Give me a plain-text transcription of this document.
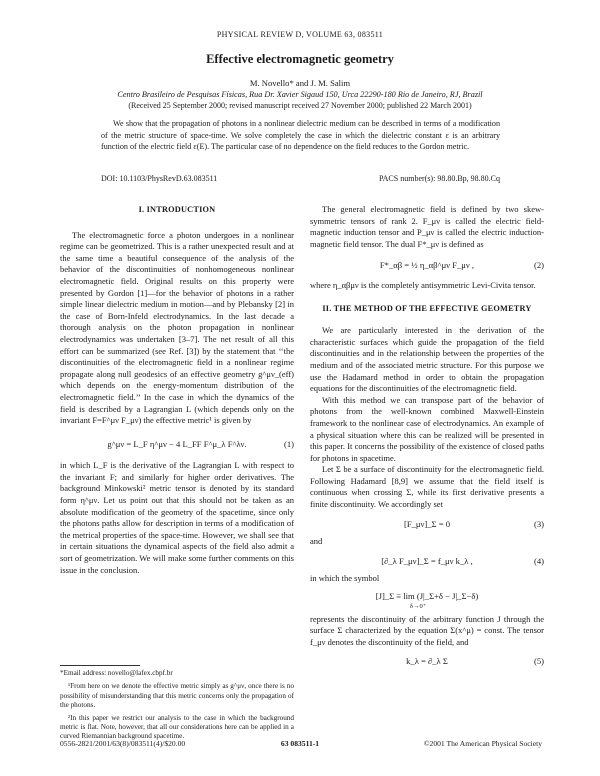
PHYSICAL REVIEW D, VOLUME 63, 083511
Effective electromagnetic geometry
M. Novello* and J. M. Salim
Centro Brasileiro de Pesquisas Físicas, Rua Dr. Xavier Sigaud 150, Urca 22290-180 Rio de Janeiro, RJ, Brazil
(Received 25 September 2000; revised manuscript received 27 November 2000; published 22 March 2001)
We show that the propagation of photons in a nonlinear dielectric medium can be described in terms of a modification of the metric structure of space-time. We solve completely the case in which the dielectric constant ε is an arbitrary function of the electric field ε(E). The particular case of no dependence on the field reduces to the Gordon metric.
DOI: 10.1103/PhysRevD.63.083511	PACS number(s): 98.80.Bp, 98.80.Cq
I. INTRODUCTION
The electromagnetic force a photon undergoes in a nonlinear regime can be geometrized. This is a rather unexpected result and at the same time a beautiful consequence of the analysis of the behavior of the discontinuities of nonhomogeneous nonlinear electromagnetic field. Original results on this property were presented by Gordon [1]—for the behavior of photons in a rather simple linear dielectric medium in motion—and by Plebansky [2] in the case of Born-Infeld electrodynamics. In the last decade a thorough analysis on the photon propagation in nonlinear electrodynamics was undertaken [3–7]. The net result of all this effort can be summarized (see Ref. [3]) by the statement that ‘‘the discontinuities of the electromagnetic field in a nonlinear regime propagate along null geodesics of an effective geometry g^μν_(eff) which depends on the energy-momentum distribution of the electromagnetic field.’’ In the case in which the dynamics of the field is described by a Lagrangian L (which depends only on the invariant F=F^μν F_μν) the effective metric¹ is given by
g^μν = L_F η^μν − 4 L_FF F^μ_λ F^λν.	(1)
in which L_F is the derivative of the Lagrangian L with respect to the invariant F; and similarly for higher order derivatives. The background Minkowski² metric tensor is denoted by its standard form η^μν. Let us point out that this should not be taken as an absolute modification of the geometry of the spacetime, since only the photons paths allow for description in terms of a modification of the metrical properties of the space-time. However, we shall see that in certain situations the dynamical aspects of the field also admit a sort of geometrization. We will make some further comments on this issue in the conclusion.
*Email address: novello@lafex.cbpf.br
¹From here on we denote the effective metric simply as g^μν, once there is no possibility of misunderstanding that this metric concerns only the propagation of the photons.
²In this paper we restrict our analysis to the case in which the background metric is flat. Note, however, that all our considerations here can be applied in a curved Riemannian background spacetime.
The general electromagnetic field is defined by two skew-symmetric tensors of rank 2. F_μν is called the electric field-magnetic induction tensor and P_μν is called the electric induction-magnetic field tensor. The dual F*_μν is defined as
F*_αβ = ½ η_αβ^μν F_μν ,	(2)
where η_αβμν is the completely antisymmetric Levi-Civita tensor.
II. THE METHOD OF THE EFFECTIVE GEOMETRY
We are particularly interested in the derivation of the characteristic surfaces which guide the propagation of the field discontinuities and in the relationship between the properties of the medium and of the associated metric structure. For this purpose we use the Hadamard method in order to obtain the propagation equations for the discontinuities of the electromagnetic field.
With this method we can transpose part of the behavior of photons from the well-known combined Maxwell-Einstein framework to the nonlinear case of electrodynamics. An example of a physical situation where this can be realized will be presented in this paper. It concerns the possibility of the existence of closed paths for photons in spacetime.
Let Σ be a surface of discontinuity for the electromagnetic field. Following Hadamard [8,9] we assume that the field itself is continuous when crossing Σ, while its first derivative presents a finite discontinuity. We accordingly set
[F_μν]_Σ = 0	(3)
and
[∂_λ F_μν]_Σ = f_μν k_λ ,	(4)
in which the symbol
[J]_Σ ≡ lim (J|_Σ+δ − J|_Σ−δ)
δ→0⁺
represents the discontinuity of the arbitrary function J through the surface Σ characterized by the equation Σ(x^μ) = const. The tensor f_μν denotes the discontinuity of the field, and
k_λ = ∂_λ Σ	(5)
0556-2821/2001/63(8)/083511(4)/$20.00	63 083511-1	©2001 The American Physical Society
